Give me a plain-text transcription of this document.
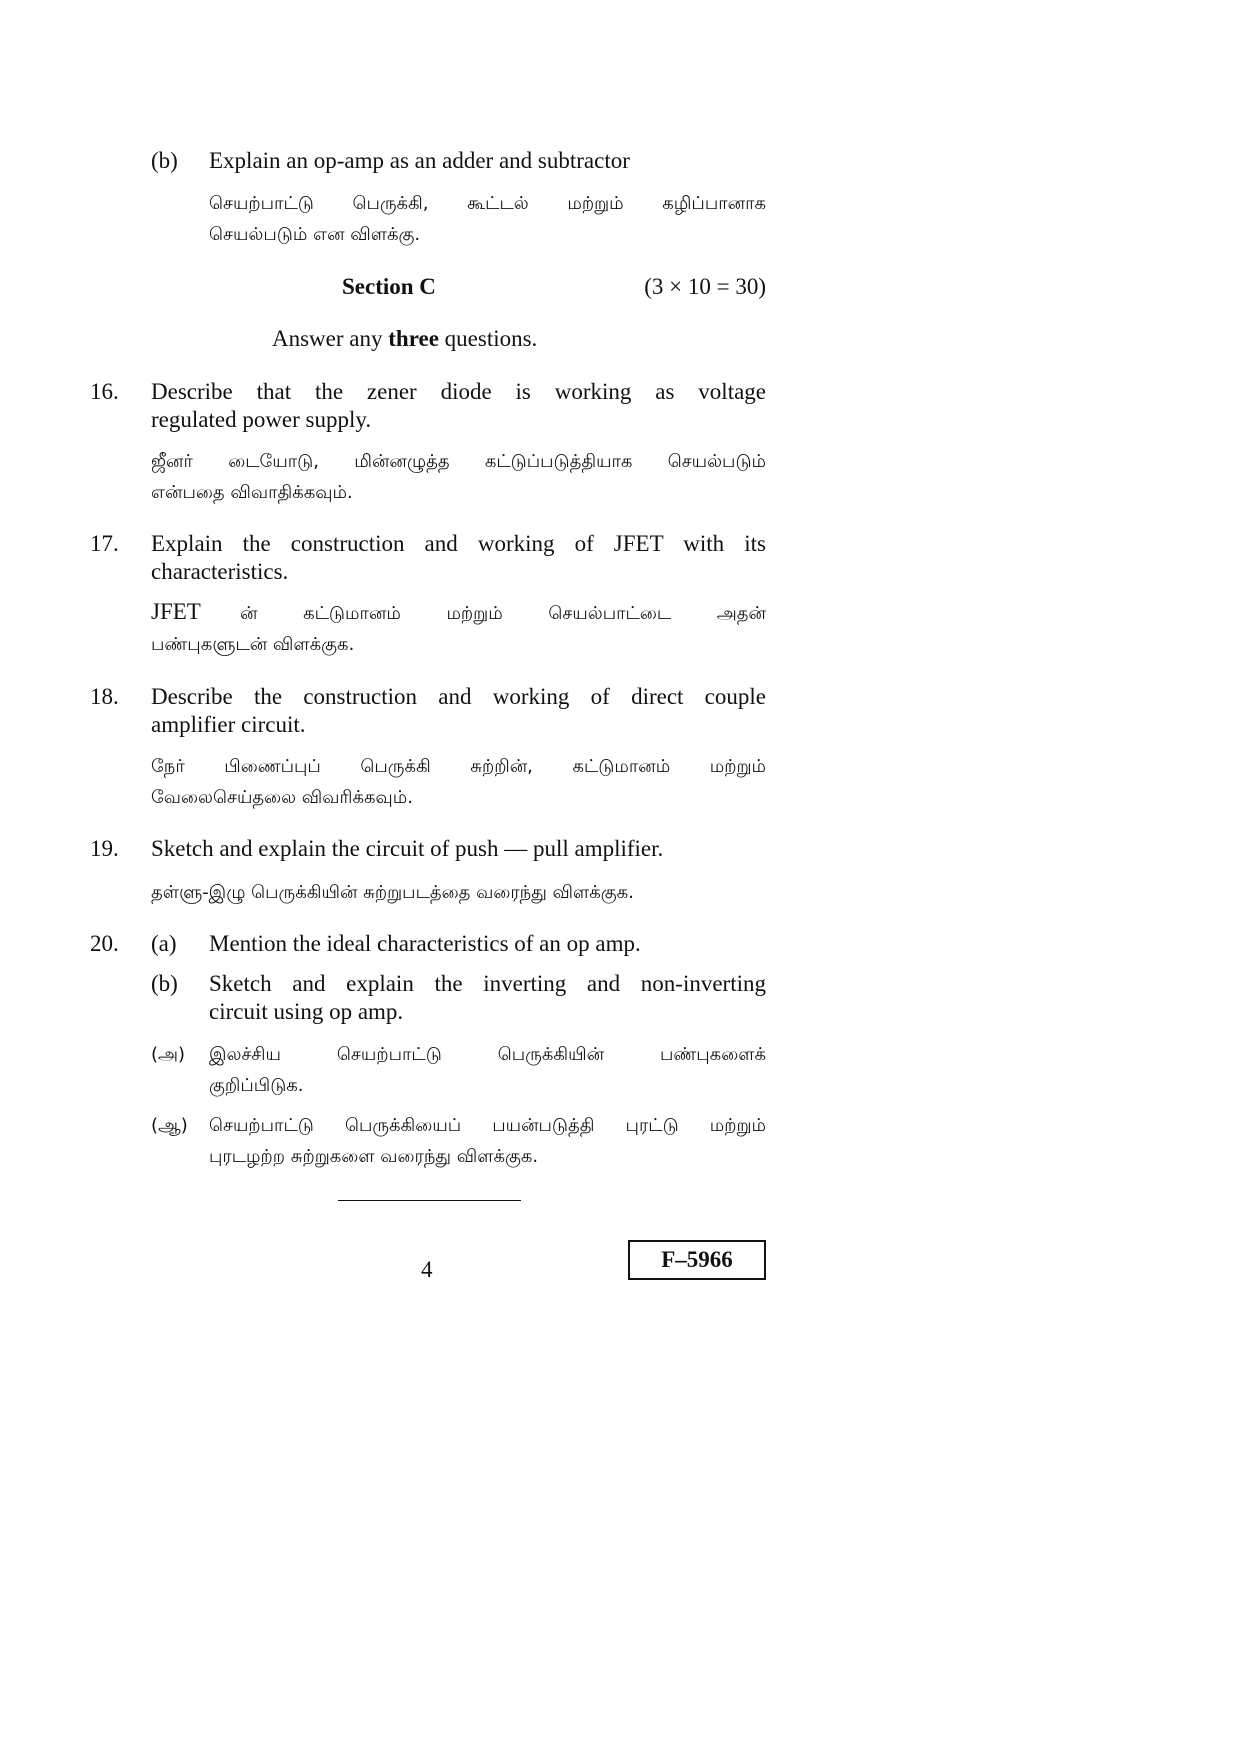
(b) Explain an op-amp as an adder and subtractor
செயற்பாட்டு பெருக்கி, கூட்டல் மற்றும் கழிப்பானாக
செயல்படும் என விளக்கு.
Section C	(3 × 10 = 30)
Answer any three questions.
16. Describe that the zener diode is working as voltage
regulated power supply.
ஜீனர் டையோடு, மின்னழுத்த கட்டுப்படுத்தியாக செயல்படும்
என்பதை விவாதிக்கவும்.
17. Explain the construction and working of JFET with its
characteristics.
JFET ன் கட்டுமானம் மற்றும் செயல்பாட்டை அதன்
பண்புகளுடன் விளக்குக.
18. Describe the construction and working of direct couple
amplifier circuit.
நேர் பிணைப்புப் பெருக்கி சுற்றின், கட்டுமானம் மற்றும்
வேலைசெய்தலை விவரிக்கவும்.
19. Sketch and explain the circuit of push — pull amplifier.
தள்ளு-இழு பெருக்கியின் சுற்றுபடத்தை வரைந்து விளக்குக.
20. (a) Mention the ideal characteristics of an op amp.
(b) Sketch and explain the inverting and non-inverting
circuit using op amp.
(அ) இலச்சிய செயற்பாட்டு பெருக்கியின் பண்புகளைக்
குறிப்பிடுக.
(ஆ) செயற்பாட்டு பெருக்கியைப் பயன்படுத்தி புரட்டு மற்றும்
புரடழற்ற சுற்றுகளை வரைந்து விளக்குக.
4	F–5966
